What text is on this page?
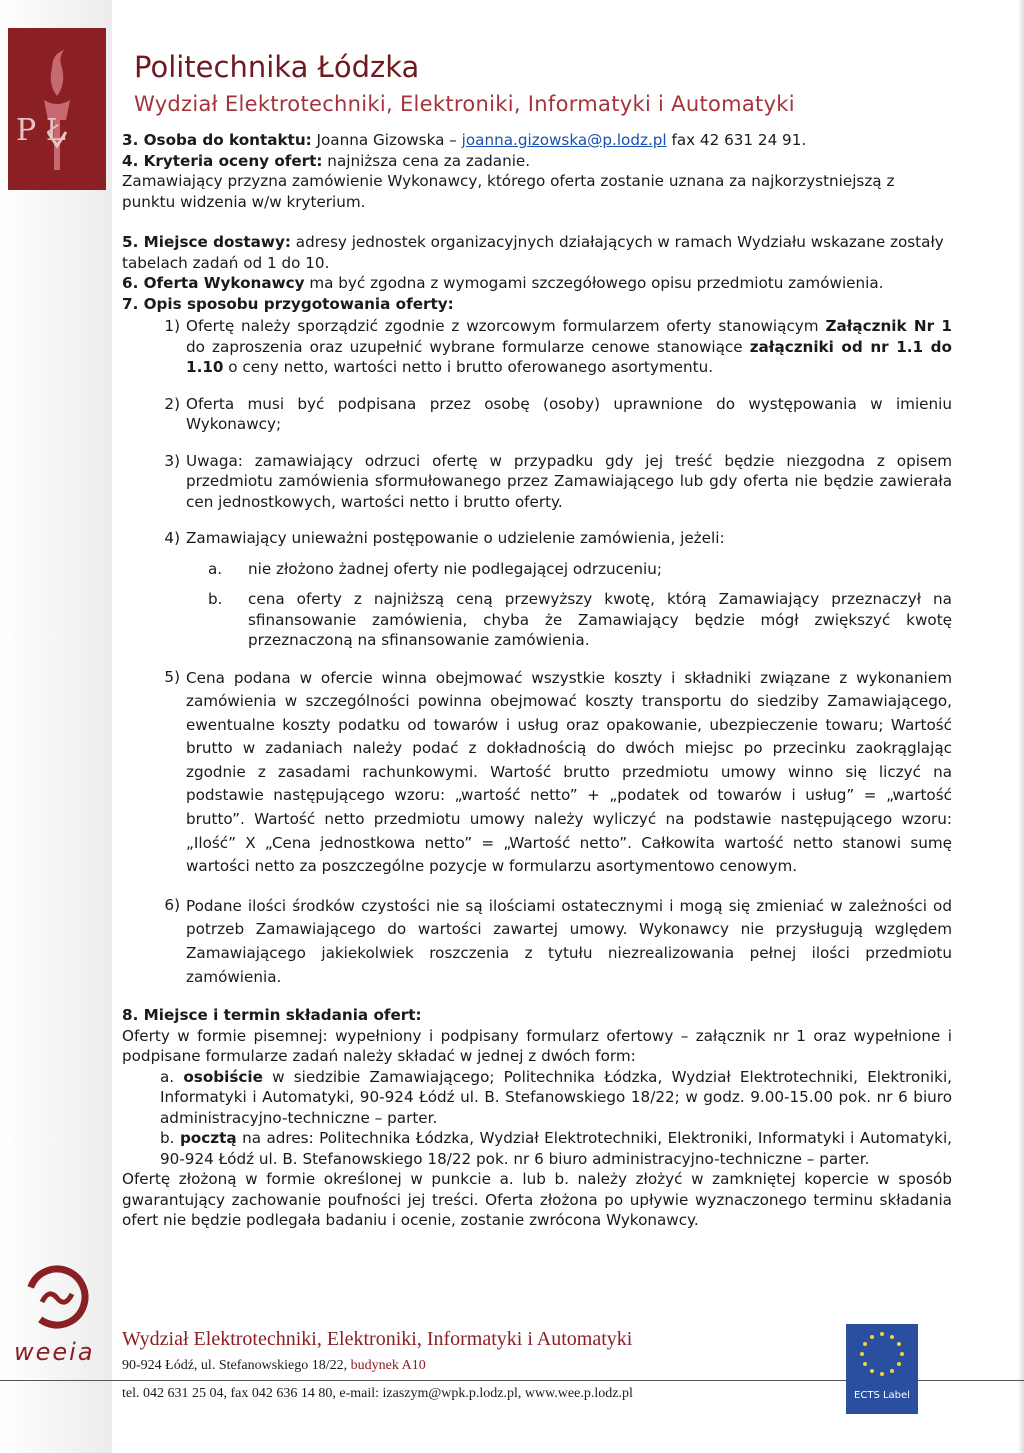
P Ł
Politechnika Łódzka
Wydział Elektrotechniki, Elektroniki, Informatyki i Automatyki

3. Osoba do kontaktu: Joanna Gizowska – joanna.gizowska@p.lodz.pl fax 42 631 24 91.

4. Kryteria oceny ofert: najniższa cena za zadanie.

Zamawiający przyzna zamówienie Wykonawcy, którego oferta zostanie uznana za najkorzystniejszą z punktu widzenia w/w kryterium.

5. Miejsce dostawy: adresy jednostek organizacyjnych działających w ramach Wydziału wskazane zostały tabelach zadań od 1 do 10.

6. Oferta Wykonawcy ma być zgodna z wymogami szczegółowego opisu przedmiotu zamówienia.

7. Opis sposobu przygotowania oferty:

1) Ofertę należy sporządzić zgodnie z wzorcowym formularzem oferty stanowiącym Załącznik Nr 1 do zaproszenia oraz uzupełnić wybrane formularze cenowe stanowiące załączniki od nr 1.1 do 1.10 o ceny netto, wartości netto i brutto oferowanego asortymentu.
2) Oferta musi być podpisana przez osobę (osoby) uprawnione do występowania w imieniu Wykonawcy;
3) Uwaga: zamawiający odrzuci ofertę w przypadku gdy jej treść będzie niezgodna z opisem przedmiotu zamówienia sformułowanego przez Zamawiającego lub gdy oferta nie będzie zawierała cen jednostkowych, wartości netto i brutto oferty.
4) Zamawiający unieważni postępowanie o udzielenie zamówienia, jeżeli:

a.	nie złożono żadnej oferty nie podlegającej odrzuceniu;
b.	cena oferty z najniższą ceną przewyższy kwotę, którą Zamawiający przeznaczył na sfinansowanie zamówienia, chyba że Zamawiający będzie mógł zwiększyć kwotę przeznaczoną na sfinansowanie zamówienia.
5) Cena podana w ofercie winna obejmować wszystkie koszty i składniki związane z wykonaniem zamówienia w szczególności powinna obejmować koszty transportu do siedziby Zamawiającego, ewentualne koszty podatku od towarów i usług oraz opakowanie, ubezpieczenie towaru; Wartość brutto w zadaniach należy podać z dokładnością do dwóch miejsc po przecinku zaokrąglając zgodnie z zasadami rachunkowymi. Wartość brutto przedmiotu umowy winno się liczyć na podstawie następującego wzoru: „wartość netto” + „podatek od towarów i usług” = „wartość brutto”. Wartość netto przedmiotu umowy należy wyliczyć na podstawie następującego wzoru: „Ilość” X „Cena jednostkowa netto” = „Wartość netto”. Całkowita wartość netto stanowi sumę wartości netto za poszczególne pozycje w formularzu asortymentowo cenowym.
6) Podane ilości środków czystości nie są ilościami ostatecznymi i mogą się zmieniać w zależności od potrzeb Zamawiającego do wartości zawartej umowy. Wykonawcy nie przysługują względem Zamawiającego jakiekolwiek roszczenia z tytułu niezrealizowania pełnej ilości przedmiotu zamówienia.

8. Miejsce i termin składania ofert:

Oferty w formie pisemnej: wypełniony i podpisany formularz ofertowy – załącznik nr 1 oraz wypełnione i podpisane formularze zadań należy składać w jednej z dwóch form:

a. osobiście w siedzibie Zamawiającego; Politechnika Łódzka, Wydział Elektrotechniki, Elektroniki, Informatyki i Automatyki, 90-924 Łódź ul. B. Stefanowskiego 18/22; w godz. 9.00-15.00 pok. nr 6 biuro administracyjno-techniczne – parter.

b. pocztą na adres: Politechnika Łódzka, Wydział Elektrotechniki, Elektroniki, Informatyki i Automatyki, 90-924 Łódź ul. B. Stefanowskiego 18/22 pok. nr 6 biuro administracyjno-techniczne – parter.

Ofertę złożoną w formie określonej w punkcie a. lub b. należy złożyć w zamkniętej kopercie w sposób gwarantujący zachowanie poufności jej treści. Oferta złożona po upływie wyznaczonego terminu składania ofert nie będzie podlegała badaniu i ocenie, zostanie zwrócona Wykonawcy.

weeia Wydział Elektrotechniki, Elektroniki, Informatyki i Automatyki
90-924 Łódź, ul. Stefanowskiego 18/22, budynek A10
tel. 042 631 25 04, fax 042 636 14 80, e-mail: izaszym@wpk.p.lodz.pl, www.wee.p.lodz.pl	ECTS Label
